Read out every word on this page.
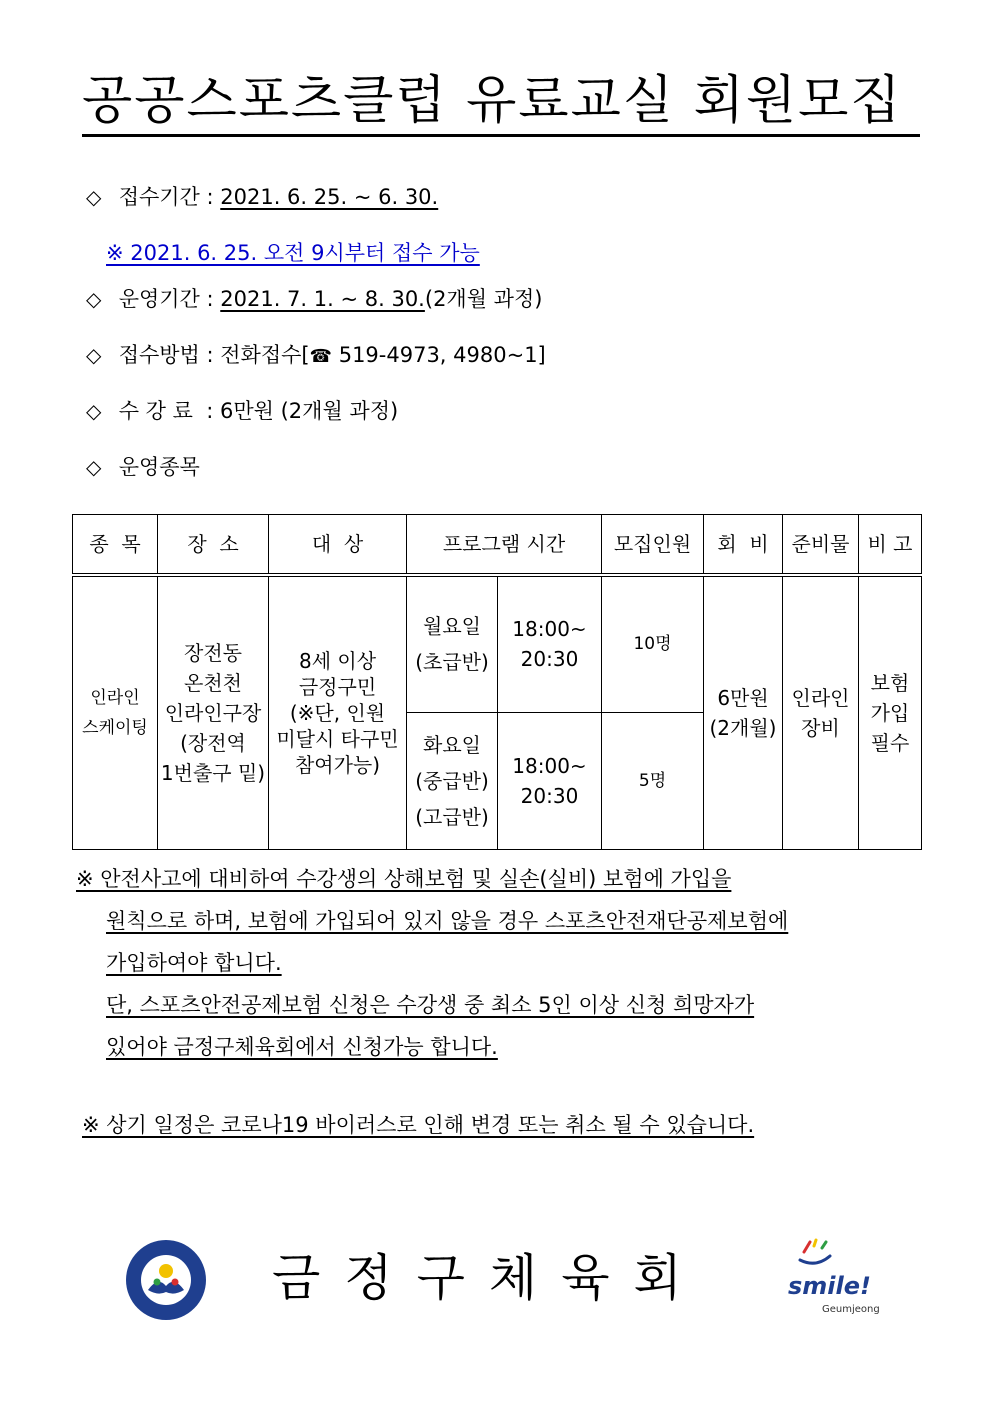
공공스포츠클럽 유료교실 회원모집
◇ 접수기간 : 2021. 6. 25. ~ 6. 30.
※ 2021. 6. 25. 오전 9시부터 접수 가능
◇ 운영기간 : 2021. 7. 1. ~ 8. 30.(2개월 과정)
◇ 접수방법 : 전화접수[☎ 519-4973, 4980~1]
◇ 수 강 료  : 6만원 (2개월 과정)
◇ 운영종목
종  목	장  소	대  상	프로그램 시간		모집인원	회  비	준비물	비 고
인라인
스케이팅	장전동
온천천
인라인구장
(장전역
1번출구 밑)	8세 이상
금정구민
(※단, 인원
미달시 타구민
참여가능)	월요일
(초급반)	18:00~
20:30	10명	6만원
(2개월)	인라인
장비	보험
가입
필수
			화요일
(중급반)
(고급반)	18:00~
20:30	5명			
※ 안전사고에 대비하여 수강생의 상해보험 및 실손(실비) 보험에 가입을
원칙으로 하며, 보험에 가입되어 있지 않을 경우 스포츠안전재단공제보험에
가입하여야 합니다.
단, 스포츠안전공제보험 신청은 수강생 중 최소 5인 이상 신청 희망자가
있어야 금정구체육회에서 신청가능 합니다.
※ 상기 일정은 코로나19 바이러스로 인해 변경 또는 취소 될 수 있습니다.
금정구체육회	smile!
Geumjeong
